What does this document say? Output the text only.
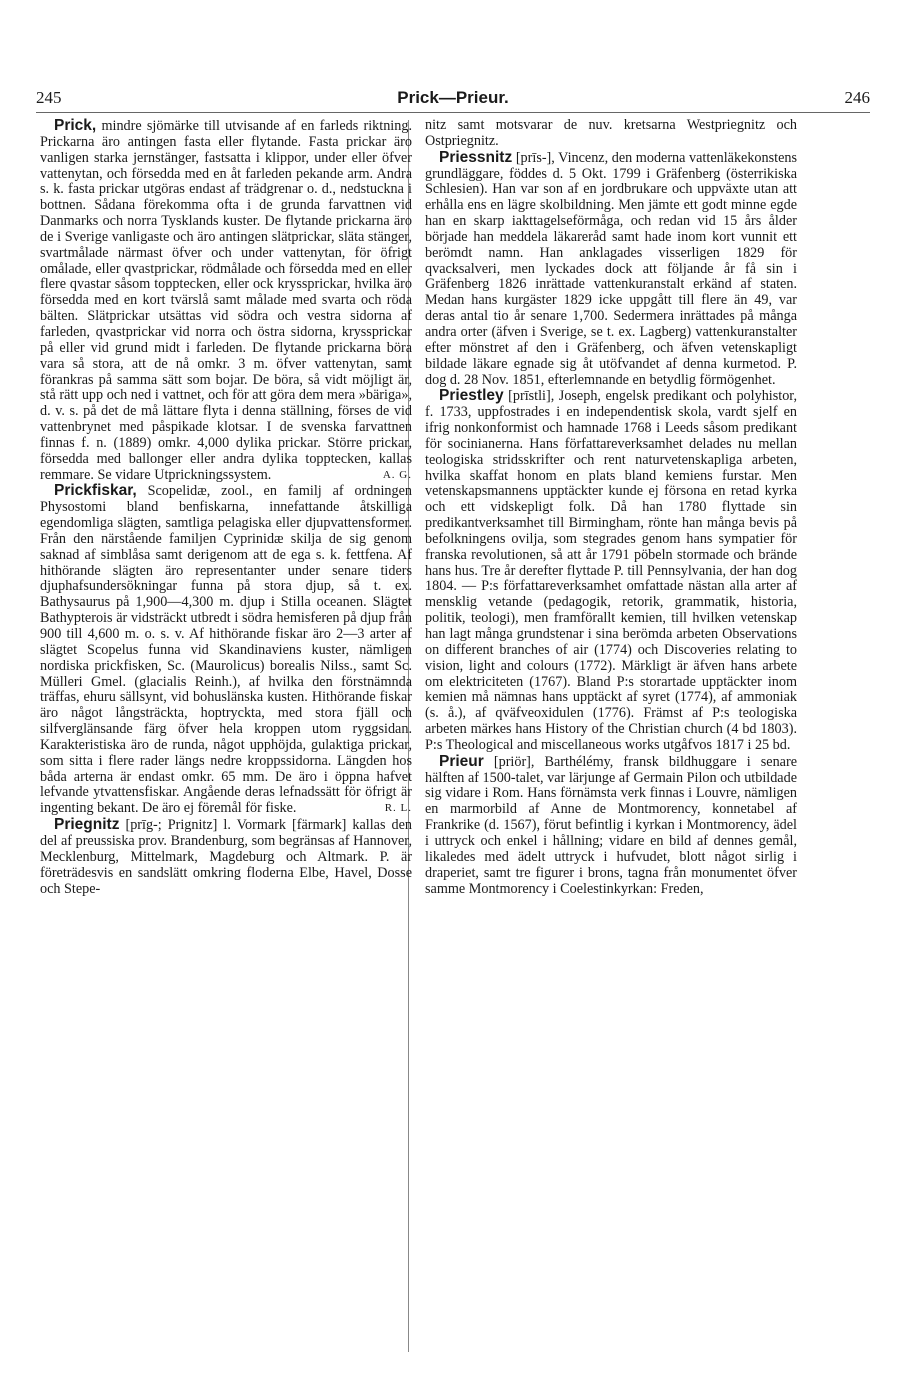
245	Prick—Prieur.	246

Prick, mindre sjömärke till utvisande af en farleds riktning. Prickarna äro antingen fasta eller flytande. Fasta prickar äro vanligen starka jernstänger, fastsatta i klippor, under eller öfver vattenytan, och försedda med en åt farleden pekande arm. Andra s. k. fasta prickar utgöras endast af trädgrenar o. d., nedstuckna i bottnen. Sådana förekomma ofta i de grunda farvattnen vid Danmarks och norra Tysklands kuster. De flytande prickarna äro de i Sverige vanligaste och äro antingen slätprickar, släta stänger, svartmålade närmast öfver och under vattenytan, för öfrigt omålade, eller qvastprickar, rödmålade och försedda med en eller flere qvastar såsom topptecken, eller ock kryssprickar, hvilka äro försedda med en kort tvärslå samt målade med svarta och röda bälten. Slätprickar utsättas vid södra och vestra sidorna af farleden, qvastprickar vid norra och östra sidorna, kryssprickar på eller vid grund midt i farleden. De flytande prickarna böra vara så stora, att de nå omkr. 3 m. öfver vattenytan, samt förankras på samma sätt som bojar. De böra, så vidt möjligt är, stå rätt upp och ned i vattnet, och för att göra dem mera »bäriga», d. v. s. på det de må lättare flyta i denna ställning, förses de vid vattenbrynet med påspikade klotsar. I de svenska farvattnen finnas f. n. (1889) omkr. 4,000 dylika prickar. Större prickar, försedda med ballonger eller andra dylika topptecken, kallas remmare. Se vidare Utprickningssystem.	A. G.

Prickfiskar, Scopelidæ, zool., en familj af ordningen Physostomi bland benfiskarna, innefattande åtskilliga egendomliga slägten, samtliga pelagiska eller djupvattensformer. Från den närstående familjen Cyprinidæ skilja de sig genom saknad af simblåsa samt derigenom att de ega s. k. fettfena. Af hithörande slägten äro representanter under senare tiders djuphafsundersökningar funna på stora djup, så t. ex. Bathysaurus på 1,900—4,300 m. djup i Stilla oceanen. Slägtet Bathypterois är vidsträckt utbredt i södra hemisferen på djup från 900 till 4,600 m. o. s. v. Af hithörande fiskar äro 2—3 arter af slägtet Scopelus funna vid Skandinaviens kuster, nämligen nordiska prickfisken, Sc. (Maurolicus) borealis Nilss., samt Sc. Mülleri Gmel. (glacialis Reinh.), af hvilka den förstnämnda träffas, ehuru sällsynt, vid bohuslänska kusten. Hithörande fiskar äro något långsträckta, hoptryckta, med stora fjäll och silfverglänsande färg öfver hela kroppen utom ryggsidan. Karakteristiska äro de runda, något upphöjda, gulaktiga prickar, som sitta i flere rader längs nedre kroppssidorna. Längden hos båda arterna är endast omkr. 65 mm. De äro i öppna hafvet lefvande ytvattensfiskar. Angående deras lefnadssätt för öfrigt är ingenting bekant. De äro ej föremål för fiske.	R. L.

Priegnitz [prīg-; Prignitz] l. Vormark [färmark] kallas den del af preussiska prov. Brandenburg, som begränsas af Hannover, Mecklenburg, Mittelmark, Magdeburg och Altmark. P. är företrädesvis en sandslätt omkring floderna Elbe, Havel, Dosse och Stepe-

nitz samt motsvarar de nuv. kretsarna Westpriegnitz och Ostpriegnitz.

Priessnitz [prīs-], Vincenz, den moderna vattenläkekonstens grundläggare, föddes d. 5 Okt. 1799 i Gräfenberg (österrikiska Schlesien). Han var son af en jordbrukare och uppväxte utan att erhålla ens en lägre skolbildning. Men jämte ett godt minne egde han en skarp iakttagelseförmåga, och redan vid 15 års ålder började han meddela läkareråd samt hade inom kort vunnit ett berömdt namn. Han anklagades visserligen 1829 för qvacksalveri, men lyckades dock att följande år få sin i Gräfenberg 1826 inrättade vattenkuranstalt erkänd af staten. Medan hans kurgäster 1829 icke uppgått till flere än 49, var deras antal tio år senare 1,700. Sedermera inrättades på många andra orter (äfven i Sverige, se t. ex. Lagberg) vattenkuranstalter efter mönstret af den i Gräfenberg, och äfven vetenskapligt bildade läkare egnade sig åt utöfvandet af denna kurmetod. P. dog d. 28 Nov. 1851, efterlemnande en betydlig förmögenhet.

Priestley [prīstli], Joseph, engelsk predikant och polyhistor, f. 1733, uppfostrades i en independentisk skola, vardt sjelf en ifrig nonkonformist och hamnade 1768 i Leeds såsom predikant för socinianerna. Hans författareverksamhet delades nu mellan teologiska stridsskrifter och rent naturvetenskapliga arbeten, hvilka skaffat honom en plats bland kemiens furstar. Men vetenskapsmannens upptäckter kunde ej försona en retad kyrka och ett vidskepligt folk. Då han 1780 flyttade sin predikantverksamhet till Birmingham, rönte han många bevis på befolkningens ovilja, som stegrades genom hans sympatier för franska revolutionen, så att år 1791 pöbeln stormade och brände hans hus. Tre år derefter flyttade P. till Pennsylvania, der han dog 1804. — P:s författareverksamhet omfattade nästan alla arter af mensklig vetande (pedagogik, retorik, grammatik, historia, politik, teologi), men framförallt kemien, till hvilken vetenskap han lagt många grundstenar i sina berömda arbeten Observations on different branches of air (1774) och Discoveries relating to vision, light and colours (1772). Märkligt är äfven hans arbete om elektriciteten (1767). Bland P:s storartade upptäckter inom kemien må nämnas hans upptäckt af syret (1774), af ammoniak (s. å.), af qväfveoxidulen (1776). Främst af P:s teologiska arbeten märkes hans History of the Christian church (4 bd 1803). P:s Theological and miscellaneous works utgåfvos 1817 i 25 bd.

Prieur [priör], Barthélémy, fransk bildhuggare i senare hälften af 1500-talet, var lärjunge af Germain Pilon och utbildade sig vidare i Rom. Hans förnämsta verk finnas i Louvre, nämligen en marmorbild af Anne de Montmorency, konnetabel af Frankrike (d. 1567), förut befintlig i kyrkan i Montmorency, ädel i uttryck och enkel i hållning; vidare en bild af dennes gemål, likaledes med ädelt uttryck i hufvudet, blott något sirlig i draperiet, samt tre figurer i brons, tagna från monumentet öfver samme Montmorency i Coelestinkyrkan: Freden,
